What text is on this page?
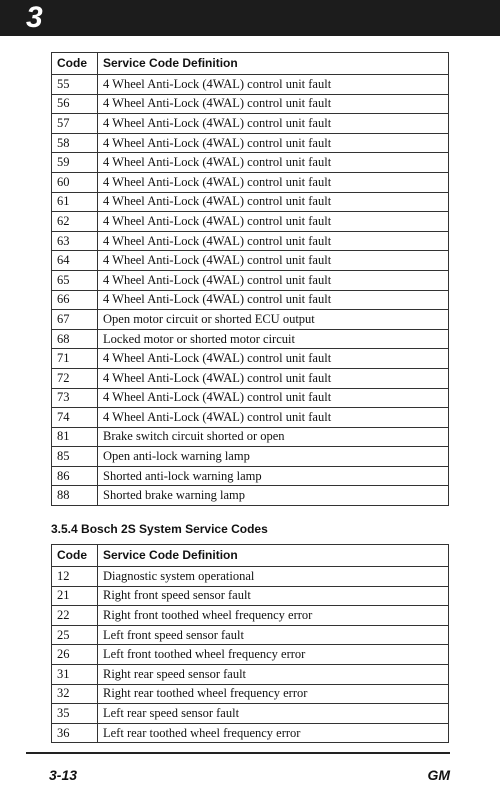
3
Code	Service Code Definition
55	4 Wheel Anti-Lock (4WAL) control unit fault
56	4 Wheel Anti-Lock (4WAL) control unit fault
57	4 Wheel Anti-Lock (4WAL) control unit fault
58	4 Wheel Anti-Lock (4WAL) control unit fault
59	4 Wheel Anti-Lock (4WAL) control unit fault
60	4 Wheel Anti-Lock (4WAL) control unit fault
61	4 Wheel Anti-Lock (4WAL) control unit fault
62	4 Wheel Anti-Lock (4WAL) control unit fault
63	4 Wheel Anti-Lock (4WAL) control unit fault
64	4 Wheel Anti-Lock (4WAL) control unit fault
65	4 Wheel Anti-Lock (4WAL) control unit fault
66	4 Wheel Anti-Lock (4WAL) control unit fault
67	Open motor circuit or shorted ECU output
68	Locked motor or shorted motor circuit
71	4 Wheel Anti-Lock (4WAL) control unit fault
72	4 Wheel Anti-Lock (4WAL) control unit fault
73	4 Wheel Anti-Lock (4WAL) control unit fault
74	4 Wheel Anti-Lock (4WAL) control unit fault
81	Brake switch circuit shorted or open
85	Open anti-lock warning lamp
86	Shorted anti-lock warning lamp
88	Shorted brake warning lamp
3.5.4 Bosch 2S System Service Codes
Code	Service Code Definition
12	Diagnostic system operational
21	Right front speed sensor fault
22	Right front toothed wheel frequency error
25	Left front speed sensor fault
26	Left front toothed wheel frequency error
31	Right rear speed sensor fault
32	Right rear toothed wheel frequency error
35	Left rear speed sensor fault
36	Left rear toothed wheel frequency error
3-13	GM
